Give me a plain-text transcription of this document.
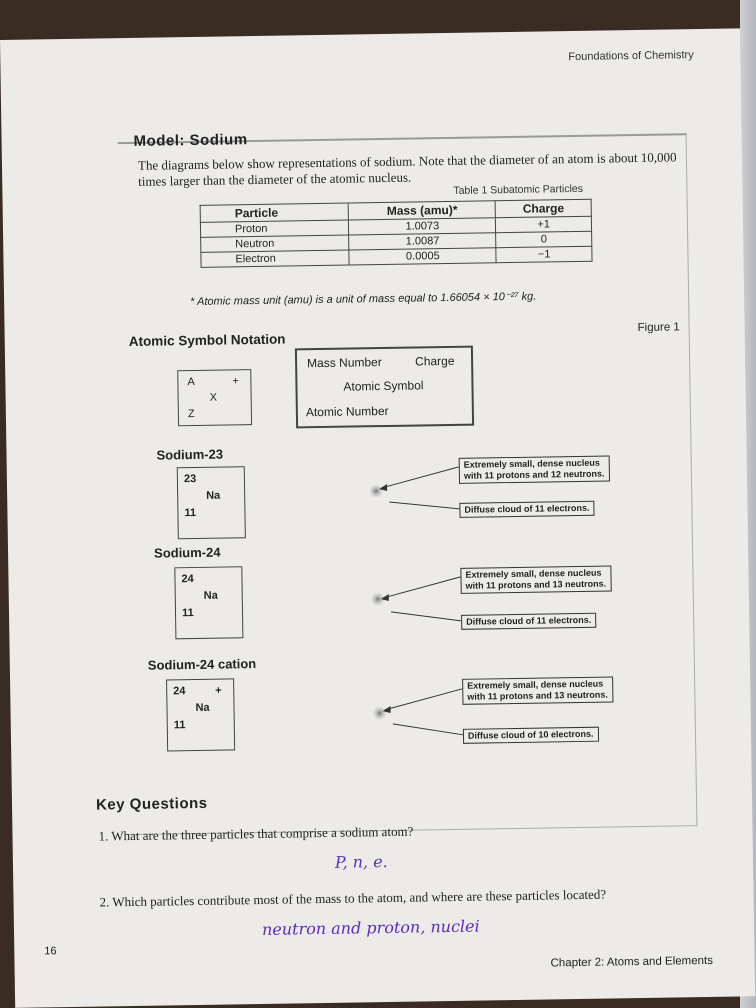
Foundations of Chemistry
Model: Sodium
The diagrams below show representations of sodium. Note that the diameter of an atom is about 10,000 times larger than the diameter of the atomic nucleus.
Table 1 Subatomic Particles
Particle	Mass (amu)*	Charge
Proton	1.0073	+1
Neutron	1.0087	0
Electron	0.0005	−1
* Atomic mass unit (amu) is a unit of mass equal to 1.66054 × 10⁻²⁷ kg.
Atomic Symbol Notation
Figure 1
A	+
X
Z
Mass Number	Charge
Atomic Symbol
Atomic Number
Sodium-23
23
Na
11
Extremely small, dense nucleus
with 11 protons and 12 neutrons.
Diffuse cloud of 11 electrons.
Sodium-24
24
Na
11
Extremely small, dense nucleus
with 11 protons and 13 neutrons.
Diffuse cloud of 11 electrons.
Sodium-24 cation
24	+
Na
11
Extremely small, dense nucleus
with 11 protons and 13 neutrons.
Diffuse cloud of 10 electrons.
Key Questions
1. What are the three particles that comprise a sodium atom?
P, n, e.
2. Which particles contribute most of the mass to the atom, and where are these particles located?
neutron and proton, nuclei
16
Chapter 2: Atoms and Elements
